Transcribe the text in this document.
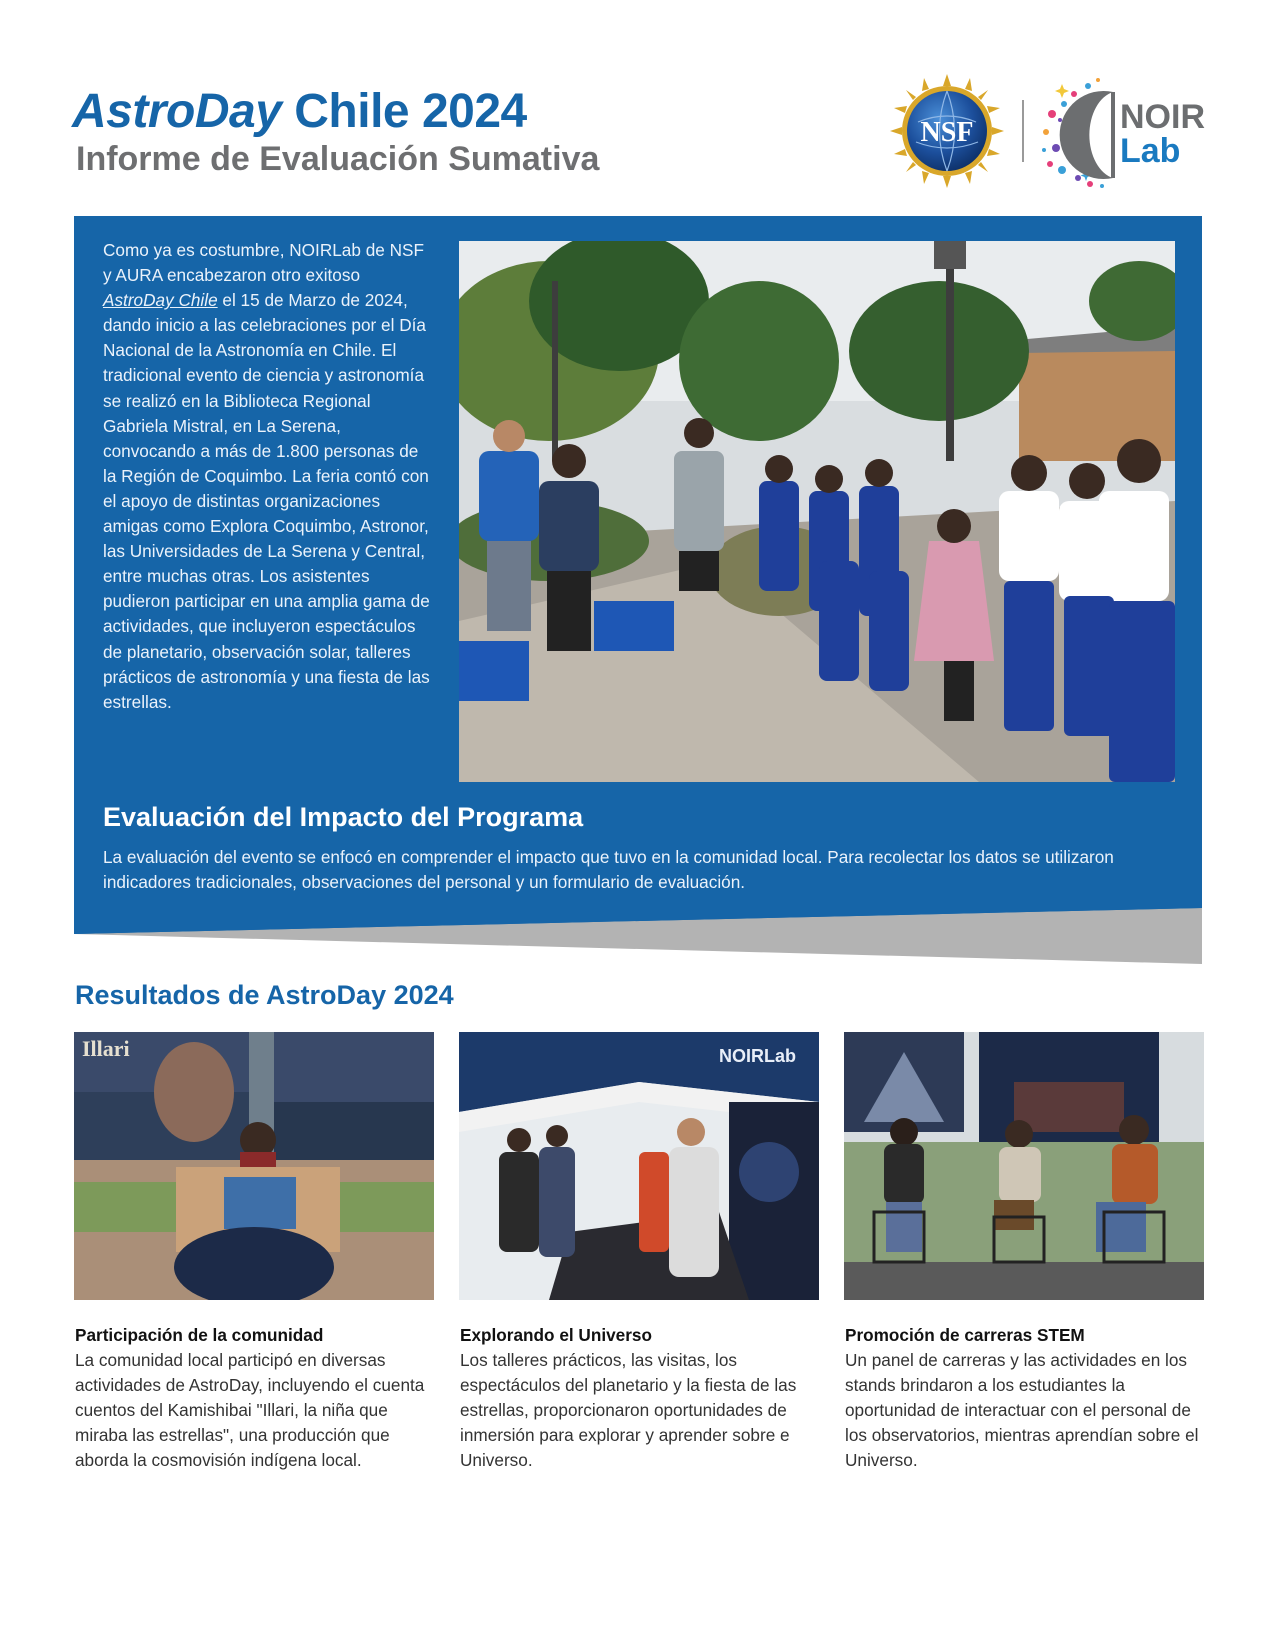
AstroDay Chile 2024
Informe de Evaluación Sumativa
NSF	NOIR
Lab
Como ya es costumbre, NOIRLab de NSF y AURA encabezaron otro exitoso AstroDay Chile el 15 de Marzo de 2024, dando inicio a las celebraciones por el Día Nacional de la Astronomía en Chile. El tradicional evento de ciencia y astronomía se realizó en la Biblioteca Regional Gabriela Mistral, en La Serena, convocando a más de 1.800 personas de la Región de Coquimbo. La feria contó con el apoyo de distintas organizaciones amigas como Explora Coquimbo, Astronor, las Universidades de La Serena y Central, entre muchas otras. Los asistentes pudieron participar en una amplia gama de actividades, que incluyeron espectáculos de planetario, observación solar, talleres prácticos de astronomía y una fiesta de las estrellas.
Evaluación del Impacto del Programa
La evaluación del evento se enfocó en comprender el impacto que tuvo en la comunidad local. Para recolectar los datos se utilizaron indicadores tradicionales, observaciones del personal y un formulario de evaluación.
Resultados de AstroDay 2024
Illari	NOIRLab
Participación de la comunidad
La comunidad local participó en diversas actividades de AstroDay, incluyendo el cuenta cuentos del Kamishibai "Illari, la niña que miraba las estrellas", una producción que aborda la cosmovisión indígena local.
Explorando el Universo
Los talleres prácticos, las visitas, los espectáculos del planetario y la fiesta de las estrellas, proporcionaron oportunidades de inmersión para explorar y aprender sobre e Universo.
Promoción de carreras STEM
Un panel de carreras y las actividades en los stands brindaron a los estudiantes la oportunidad de interactuar con el personal de los observatorios, mientras aprendían sobre el Universo.
